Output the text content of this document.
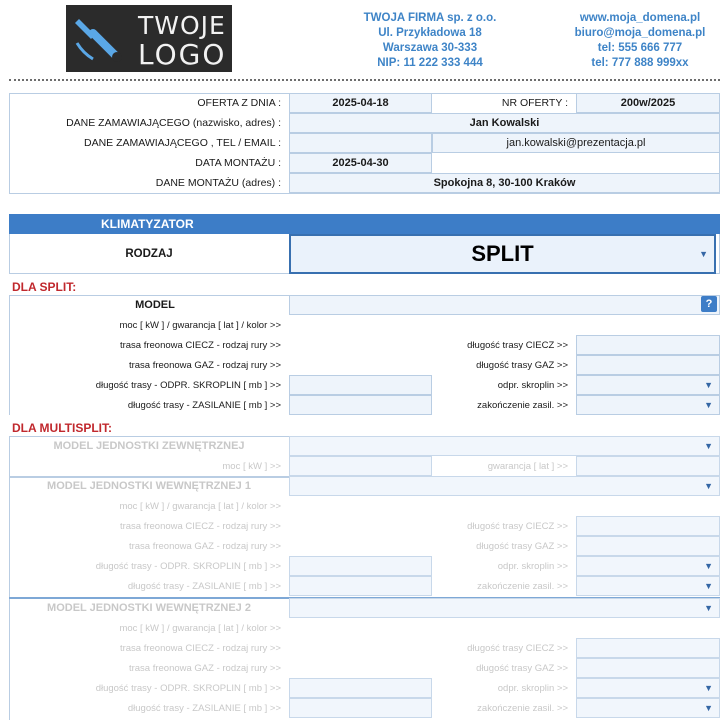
TWOJE
LOGO
TWOJA FIRMA sp. z o.o.
Ul. Przykładowa 18
Warszawa 30-333
NIP: 11 222 333 444
www.moja_domena.pl
biuro@moja_domena.pl
tel: 555 666 777
tel: 777 888 999xx
OFERTA Z DNIA :	2025-04-18	NR OFERTY :	200w/2025
DANE ZAMAWIAJĄCEGO (nazwisko, adres) :	Jan Kowalski
DANE ZAMAWIAJĄCEGO , TEL / EMAIL :	jan.kowalski@prezentacja.pl
DATA MONTAŻU :	2025-04-30
DANE MONTAŻU (adres) :	Spokojna 8, 30-100 Kraków
KLIMATYZATOR
RODZAJ	SPLIT	▼
DLA SPLIT:
MODEL	?
moc [ kW ] / gwarancja [ lat ] / kolor >>
trasa freonowa CIECZ - rodzaj rury >>	długość trasy CIECZ >>
trasa freonowa GAZ - rodzaj rury >>	długość trasy GAZ >>
długość trasy - ODPR. SKROPLIN [ mb ] >>	odpr. skroplin >>	▼
długość trasy - ZASILANIE [ mb ] >>	zakończenie zasil. >>	▼
DLA MULTISPLIT:
MODEL JEDNOSTKI ZEWNĘTRZNEJ	▼
moc [ kW ] >>	gwarancja [ lat ] >>
MODEL JEDNOSTKI WEWNĘTRZNEJ 1	▼
moc [ kW ] / gwarancja [ lat ] / kolor >>
trasa freonowa CIECZ - rodzaj rury >>	długość trasy CIECZ >>
trasa freonowa GAZ - rodzaj rury >>	długość trasy GAZ >>
długość trasy - ODPR. SKROPLIN [ mb ] >>	odpr. skroplin >>	▼
długość trasy - ZASILANIE [ mb ] >>	zakończenie zasil. >>	▼
MODEL JEDNOSTKI WEWNĘTRZNEJ 2	▼
moc [ kW ] / gwarancja [ lat ] / kolor >>
trasa freonowa CIECZ - rodzaj rury >>	długość trasy CIECZ >>
trasa freonowa GAZ - rodzaj rury >>	długość trasy GAZ >>
długość trasy - ODPR. SKROPLIN [ mb ] >>	odpr. skroplin >>	▼
długość trasy - ZASILANIE [ mb ] >>	zakończenie zasil. >>	▼
